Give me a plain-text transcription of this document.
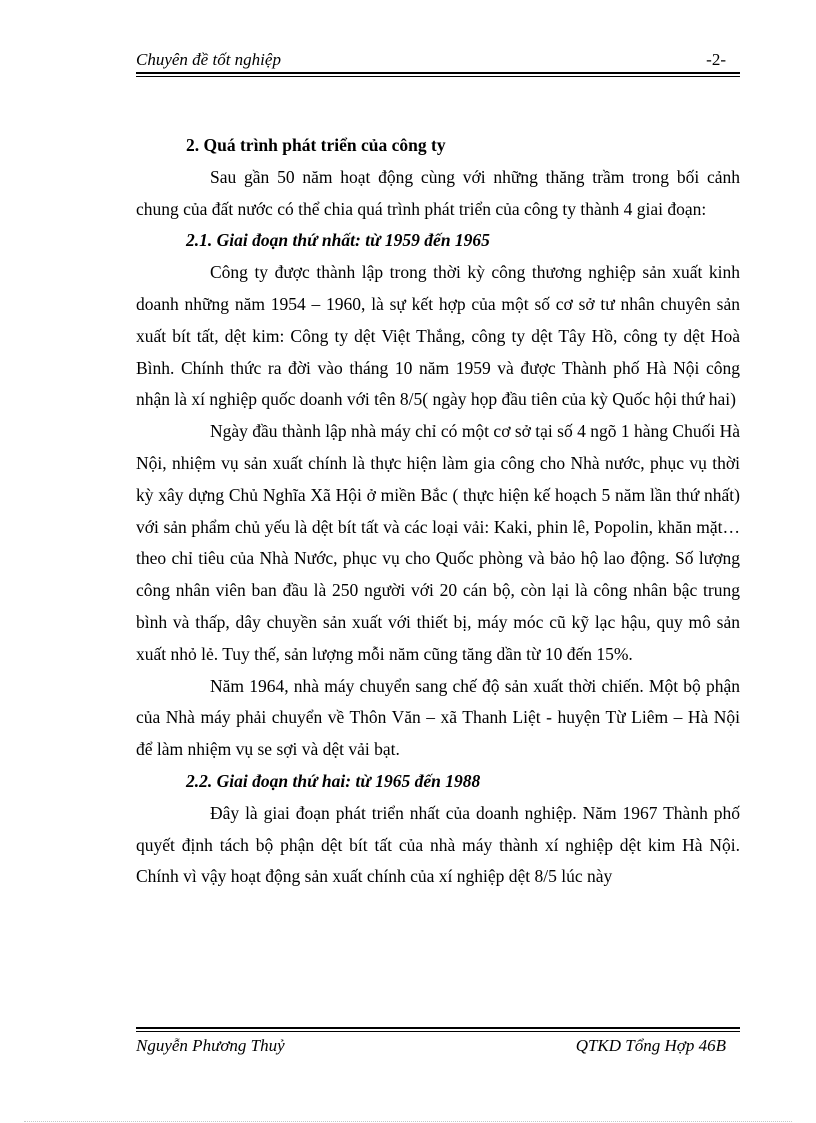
Chuyên đề tốt nghiệp	-2-

2. Quá trình phát triển của công ty

Sau gần 50 năm hoạt động cùng với những thăng trầm trong bối cảnh chung của đất nước có thể chia quá trình phát triển của công ty thành 4 giai đoạn:

2.1. Giai đoạn thứ nhất: từ 1959 đến 1965

Công ty được thành lập trong thời kỳ công thương nghiệp sản xuất kinh doanh những năm 1954 – 1960, là sự kết hợp của một số cơ sở tư nhân chuyên sản xuất bít tất, dệt kim: Công ty dệt Việt Thắng, công ty dệt Tây Hồ, công ty dệt Hoà Bình. Chính thức ra đời vào tháng 10 năm 1959 và được Thành phố Hà Nội công nhận là xí nghiệp quốc doanh với tên 8/5( ngày họp đầu tiên của kỳ Quốc hội thứ hai)

Ngày đầu thành lập nhà máy chỉ có một cơ sở tại số 4 ngõ 1 hàng Chuối Hà Nội, nhiệm vụ sản xuất chính là thực hiện làm gia công cho Nhà nước, phục vụ thời kỳ xây dựng Chủ Nghĩa Xã Hội ở miền Bắc ( thực hiện kế hoạch 5 năm lần thứ nhất) với sản phẩm chủ yếu là dệt bít tất và các loại vải: Kaki, phin lê, Popolin, khăn mặt…theo chỉ tiêu của Nhà Nước, phục vụ cho Quốc phòng và bảo hộ lao động. Số lượng công nhân viên ban đầu là 250 người với 20 cán bộ, còn lại là công nhân bậc trung bình và thấp, dây chuyền sản xuất với thiết bị, máy móc cũ kỹ lạc hậu, quy mô sản xuất nhỏ lẻ. Tuy thế, sản lượng mỗi năm cũng tăng dần từ 10 đến 15%.

Năm 1964, nhà máy chuyển sang chế độ sản xuất thời chiến. Một bộ phận của Nhà máy phải chuyển về Thôn Văn – xã Thanh Liệt - huyện Từ Liêm – Hà Nội để làm nhiệm vụ se sợi và dệt vải bạt.

2.2. Giai đoạn thứ hai: từ 1965 đến 1988

Đây là giai đoạn phát triển nhất của doanh nghiệp. Năm 1967 Thành phố quyết định tách bộ phận dệt bít tất của nhà máy thành xí nghiệp dệt kim Hà Nội. Chính vì vậy hoạt động sản xuất chính của xí nghiệp dệt 8/5 lúc này

Nguyễn Phương Thuỷ	QTKD Tổng Hợp 46B
